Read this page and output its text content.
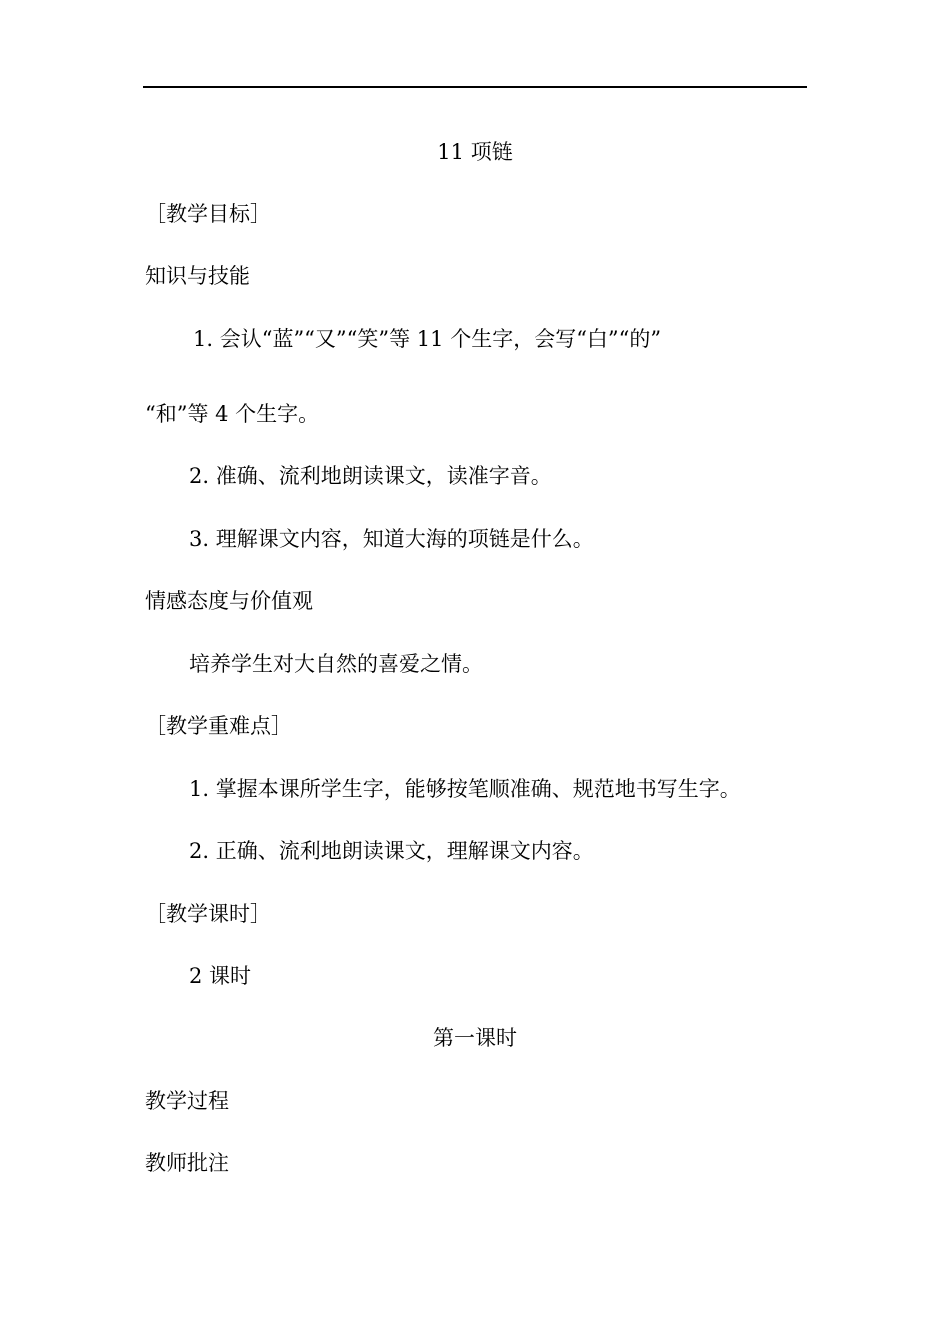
11 项链

［教学目标］

知识与技能

1. 会认“蓝”“又”“笑”等 11 个生字，会写“白”“的”

“和”等 4 个生字。

2. 准确、流利地朗读课文，读准字音。

3. 理解课文内容，知道大海的项链是什么。

情感态度与价值观

培养学生对大自然的喜爱之情。

［教学重难点］

1. 掌握本课所学生字，能够按笔顺准确、规范地书写生字。

2. 正确、流利地朗读课文，理解课文内容。

［教学课时］

2 课时

第一课时

教学过程

教师批注
